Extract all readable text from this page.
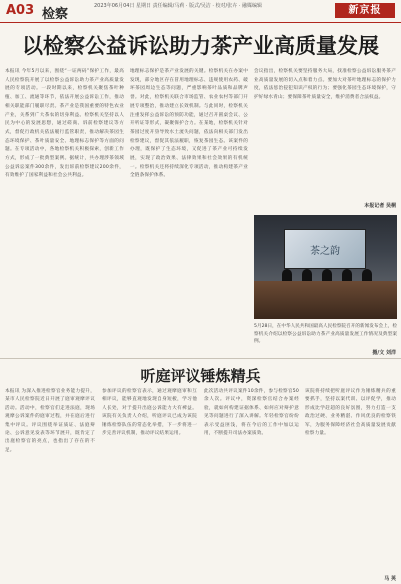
A03 检察
2023年06月04日 星期日 责任编辑/马莉 · 版式/吴洁 · 校对/张卉 · 融媒编辑	新京报
以检察公益诉讼助力茶产业高质量发展
本报讯 今年5月以来，围绕“一证两码”保护工作，最高人民检察院开展了以检察公益诉讼助力茶产业高质量发展的专项活动。一段时期以来，检察机关聚焦茶叶种植、加工、流通等环节，依法开展公益诉讼工作，推动相关职能部门履职尽责。茶产业是我国重要的特色农业产业，关系到广大茶农的切身利益。检察机关坚持以人民为中心的发展思想，通过磋商、诉前检察建议等方式，督促行政机关依法履行监管职责，推动解决茶园生态环境保护、茶叶质量安全、地理标志保护等方面的问题。在专项活动中，各地检察机关积极探索，创新工作方式，形成了一批典型案例。据统计，共办理涉茶领域公益诉讼案件300余件，发出诉前检察建议200余件，有效维护了国家利益和社会公共利益。
地理标志保护是茶产业发展的关键。检察机关在办案中发现，部分地区存在冒用地理标志、违规使用农药、破坏茶园周边生态等问题，严重影响茶叶品质和品牌声誉。对此，检察机关联合市场监管、农业农村等部门开展专项整治，推动建立长效机制。与此同时，检察机关注重发挥公益诉讼的预防功能，通过召开圆桌会议、公开听证等形式，凝聚保护合力。在某地，检察机关针对茶园过度开垦导致水土流失问题，依法向相关部门发出检察建议，督促其依法履职，恢复茶园生态。该案件的办理，既保护了生态环境，又促进了茶产业可持续发展，实现了政治效果、法律效果和社会效果的有机统一。检察机关还将持续深化专项活动，推动构建茶产业全链条保护体系。
会议指出，检察机关要坚持服务大局，找准检察公益诉讼服务茶产业高质量发展的切入点和着力点。要加大对茶叶地理标志的保护力度，依法惩治侵犯知识产权的行为；要强化茶园生态环境保护，守护好绿水青山；要保障茶叶质量安全，维护消费者合法权益。
本报记者 吴桐
茶之韵
5月28日，在中华人民共和国最高人民检察院召开的新闻发布会上，检察机关介绍以检察公益诉讼助力茶产业高质量发展工作情况及典型案例。
摄/文 刘洋
听庭评议锤炼精兵
本报讯 为深入推进检察官业务能力提升，某市人民检察院近日开展了庭审观摩评议活动。活动中，检察官们走进法庭，现场观摩公诉案件的庭审过程，并在庭后进行集中评议。评议围绕举证质证、法庭辩论、公诉意见发表等环节展开，既肯定了出庭检察官的亮点，也指出了存在的不足。
参加评议的检察官表示，通过观摩庭审和互相评议，能够直观地发现自身短板，学习他人长处，对于提升出庭公诉能力大有裨益。该院有关负责人介绍，听庭评议已成为该院锤炼检察队伍的常态化举措，下一步将进一步完善评议机制，推动评议结果运用。
此次活动共评议案件10余件，参与检察官50余人次。评议中，资深检察官结合办案经验，就如何构建证据体系、如何应对辩护意见等问题进行了深入讲解。年轻检察官纷纷表示受益匪浅，将在今后的工作中加以运用，不断提升司法办案质效。
该院将持续把听庭评议作为锤炼精兵的重要抓手，坚持以案代训、以评促学，推动形成比学赶超的良好氛围，努力打造一支政治过硬、业务精湛、作风优良的检察铁军，为服务保障经济社会高质量发展贡献检察力量。
马 英
